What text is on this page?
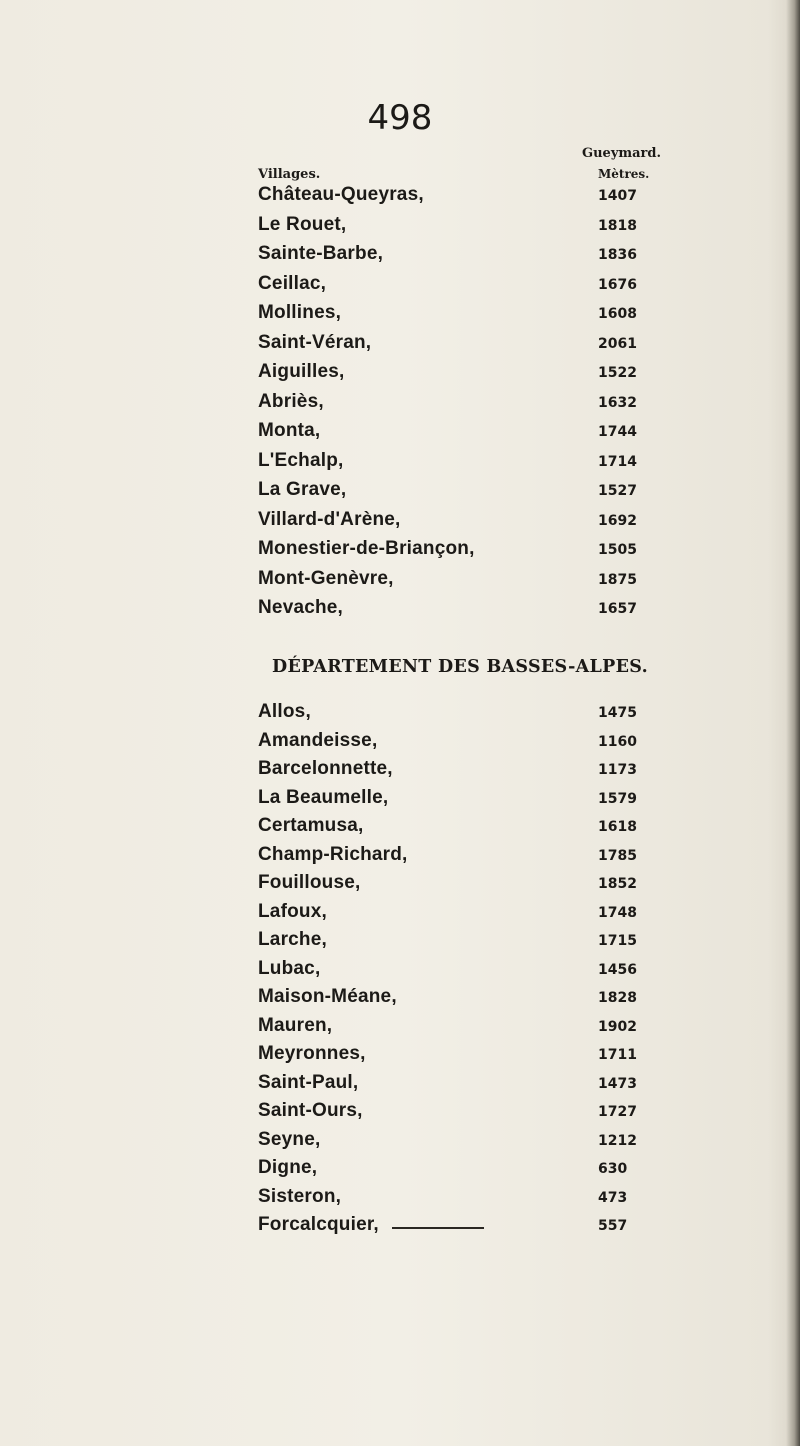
498
Gueymard.
Villages.	Mètres.
Château-Queyras,	1407
Le Rouet,	1818
Sainte-Barbe,	1836
Ceillac,	1676
Mollines,	1608
Saint-Véran,	2061
Aiguilles,	1522
Abriès,	1632
Monta,	1744
L'Echalp,	1714
La Grave,	1527
Villard-d'Arène,	1692
Monestier-de-Briançon,	1505
Mont-Genèvre,	1875
Nevache,	1657
DÉPARTEMENT DES BASSES-ALPES.
Allos,	1475
Amandeisse,	1160
Barcelonnette,	1173
La Beaumelle,	1579
Certamusa,	1618
Champ-Richard,	1785
Fouillouse,	1852
Lafoux,	1748
Larche,	1715
Lubac,	1456
Maison-Méane,	1828
Mauren,	1902
Meyronnes,	1711
Saint-Paul,	1473
Saint-Ours,	1727
Seyne,	1212
Digne,	630
Sisteron,	473
Forcalcquier,	557
